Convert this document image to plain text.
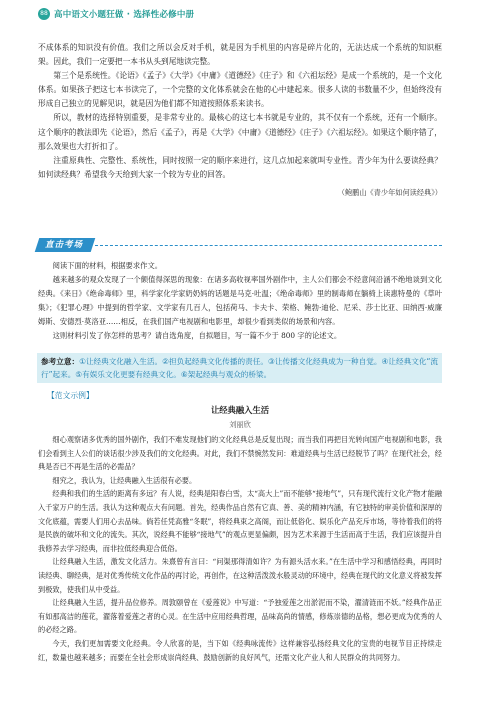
88 高中语文小题狂做 · 选择性必修中册

不成体系的知识没有价值。我们之所以会反对手机，就是因为手机里的内容是碎片化的，无法达成一个系统的知识框架。因此，我们一定要把一本书从头到尾地读完整。

第三个是系统性。《论语》《孟子》《大学》《中庸》《道德经》《庄子》和《六祖坛经》是成一个系统的，是一个文化体系。如果孩子把这七本书读完了，一个完整的文化体系就会在他的心中建起来。很多人读的书数量不少，但始终没有形成自己独立的见解见识，就是因为他们都不知道按照体系来读书。

所以，教材的选择特别重要，是非常专业的。最核心的这七本书就是专业的，其不仅有一个系统，还有一个顺序。这个顺序的教法即先《论语》，然后《孟子》，再是《大学》《中庸》《道德经》《庄子》《六祖坛经》。如果这个顺序错了，那么效果也大打折扣了。

注重原典性、完整性、系统性，同时按照一定的顺序来进行，这几点加起来就叫专业性。青少年为什么要读经典？如何读经典？希望我今天给到大家一个较为专业的回答。

（鲍鹏山《青少年如何读经典》）

直击考场

阅读下面的材料，根据要求作文。

越来越多的观众发现了一个颇值得深思的现象：在诸多高收视率国外剧作中，主人公们都会不经意间沿涵不绝地谈到文化经典。《来日》《绝命毒师》里，科学家化学家奶奶妈的话题是马克·吐温；《绝命毒师》里的制毒师在躺椅上读惠特曼的《草叶集》；《犯罪心理》中提到的哲学家、文学家有几百人，包括荷马、卡夫卡、荣格、鲍勃·迪伦、尼采、莎士比亚、田纳西·威廉姆斯、安德烈·莫洛亚……相反，在我们国产电视剧和电影里，却很少看到类似的场景和内容。

这则材料引发了你怎样的思考？请自选角度，自拟题目，写一篇不少于 800 字的论述文。

参考立意：①让经典文化融入生活。②担负起经典文化传播的责任。③让传播文化经典成为一种自觉。④让经典文化“流行”起来。⑤有娱乐文化更要有经典文化。⑥架起经典与观众的桥梁。

【范文示例】
让经典融入生活
刘丽欣

细心观察诸多优秀的国外剧作，我们不难发现他们的文化经典总是反复出现；而当我们再把目光转向国产电视剧和电影，我们会看到主人公们的谈话很少涉及我们的文化经典。对此，我们不禁惋然发问：难道经典与生活已经脱节了吗？在现代社会，经典是否已不再是生活的必需品？

细究之，我认为，让经典融入生活很有必要。

经典和我们的生活的距离有多远？有人说，经典是阳春白雪，太“高大上”而不能够“接地气”，只有现代流行文化产物才能融入千家万户的生活。我认为这种观点大有问题。首先，经典作品自然有它真、善、美的精神内涵，有它独特的审美价值和深厚的文化底蕴，需要人们用心去品味。倘若任凭高雅“冬眠”，将经典束之高阁，而让低俗化、娱乐化产品充斥市场，等待着我们的将是民族的破坏和文化的流失。其次，说经典不能够“接地气”的观点更显偏颇，因为艺术来源于生活而高于生活，我们应该提升自我修养去学习经典，而非拉低经典迎合低俗。

让经典融入生活，激发文化活力。朱熹曾有言曰：“问渠那得清如许？为有源头活水来。”在生活中学习和感悟经典，再同时读经典、聊经典，是对优秀传统文化作品的再讨论，再创作，在这种活泼泼水般灵动的环境中，经典在现代的文化意义将被发挥到极致，使我们从中受益。

让经典融入生活，提升品位修养。周敦颐曾在《爱莲说》中写道：“予独爱莲之出淤泥而不染，濯清涟而不妖。”经典作品正有如那高洁的莲花，濯落着爱莲之者的心灵。在生活中应用经典哲理，品味高尚的情感，修炼崇德的品格，想必更成为优秀的人的必经之路。

今天，我们更加需要文化经典。令人欣喜的是，当下如《经典咏流传》这样兼容弘扬经典文化的宝贵的电视节目正持续走红，数量也越来越多；而要在全社会形成崇尚经典、鼓励创新的良好风气，还需文化产业人和人民群众的共同努力。
